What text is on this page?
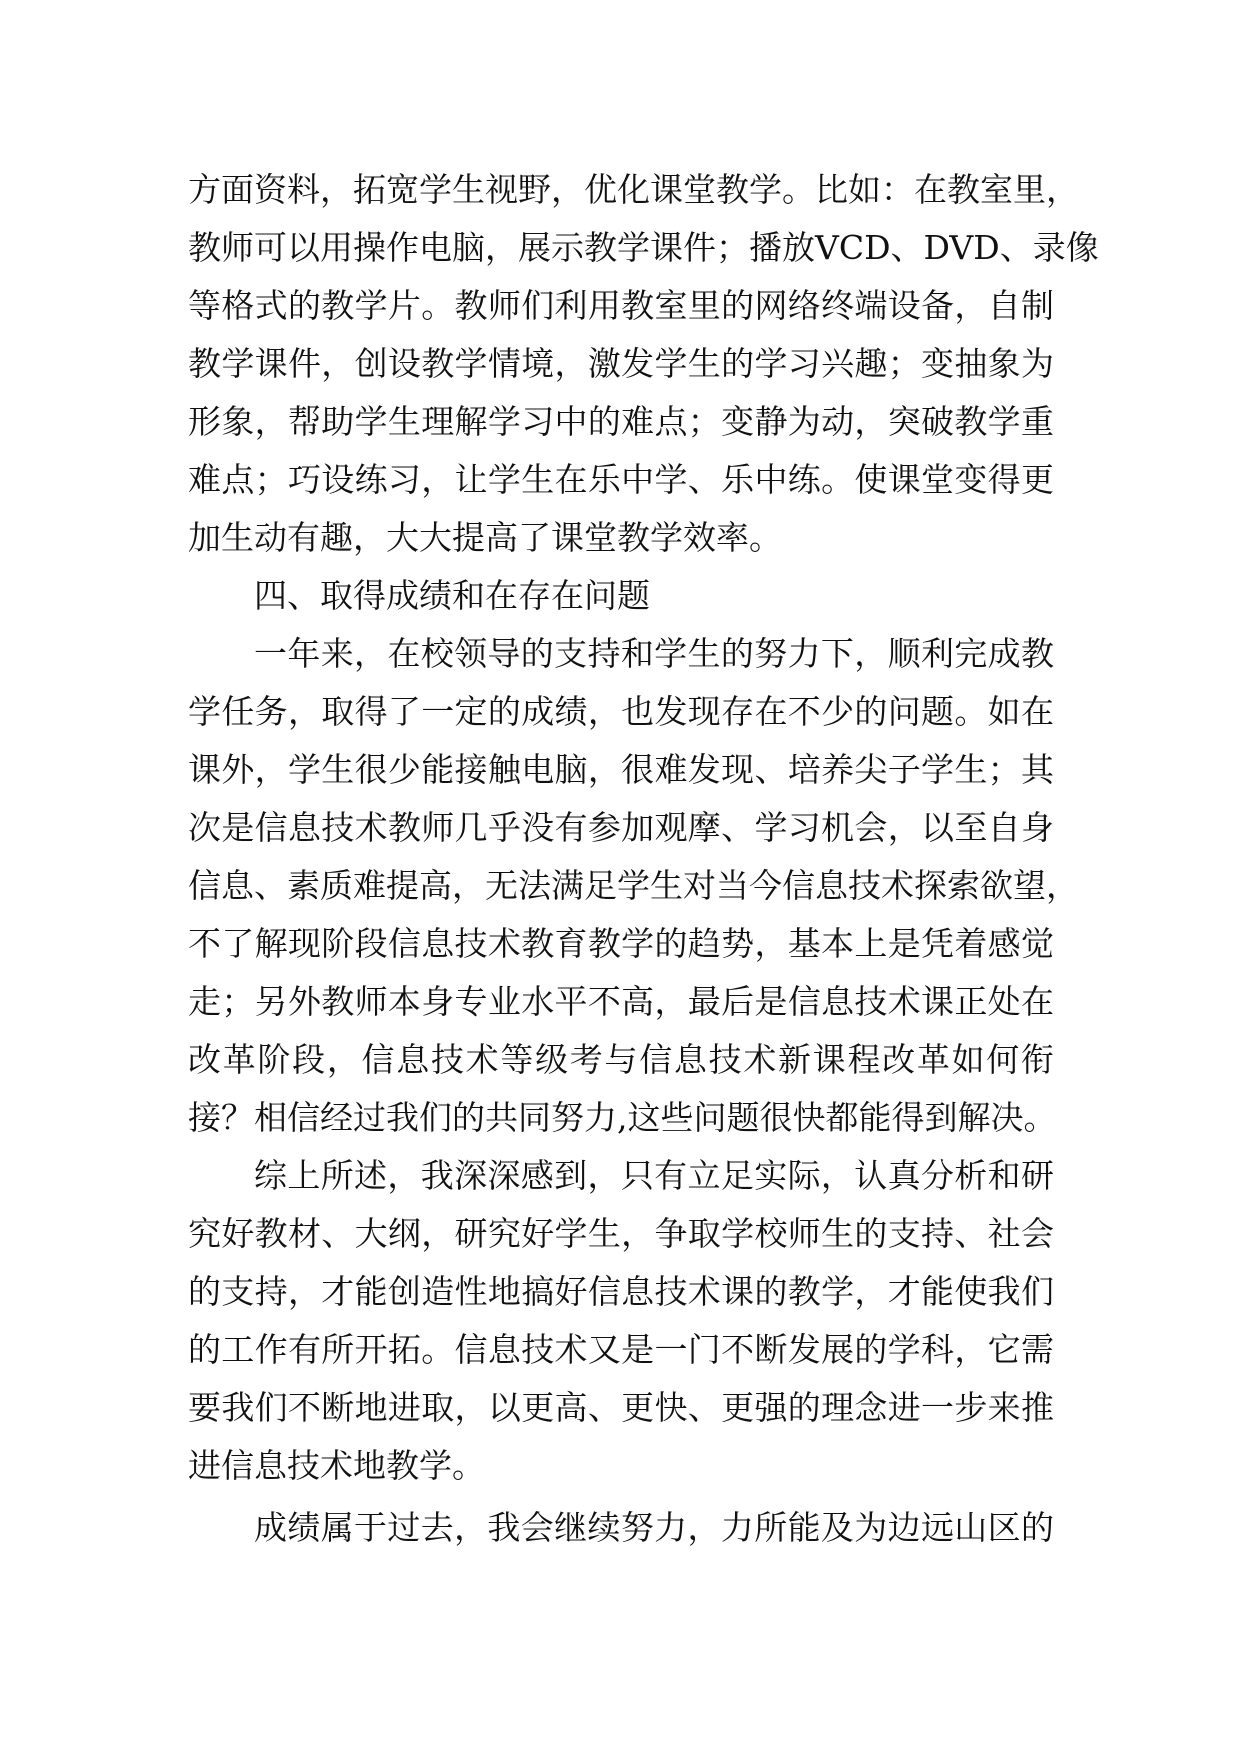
方面资料，拓宽学生视野，优化课堂教学。比如：在教室里，
教师可以用操作电脑，展示教学课件；播放VCD、DVD、录像
等格式的教学片。教师们利用教室里的网络终端设备，自制
教学课件，创设教学情境，激发学生的学习兴趣；变抽象为
形象，帮助学生理解学习中的难点；变静为动，突破教学重
难点；巧设练习，让学生在乐中学、乐中练。使课堂变得更
加生动有趣，大大提高了课堂教学效率。
四、取得成绩和在存在问题
一年来，在校领导的支持和学生的努力下，顺利完成教
学任务，取得了一定的成绩，也发现存在不少的问题。如在
课外，学生很少能接触电脑，很难发现、培养尖子学生；其
次是信息技术教师几乎没有参加观摩、学习机会，以至自身
信息、素质难提高，无法满足学生对当今信息技术探索欲望，
不了解现阶段信息技术教育教学的趋势，基本上是凭着感觉
走；另外教师本身专业水平不高，最后是信息技术课正处在
改革阶段，信息技术等级考与信息技术新课程改革如何衔
接？相信经过我们的共同努力,这些问题很快都能得到解决。
综上所述，我深深感到，只有立足实际，认真分析和研
究好教材、大纲，研究好学生，争取学校师生的支持、社会
的支持，才能创造性地搞好信息技术课的教学，才能使我们
的工作有所开拓。信息技术又是一门不断发展的学科，它需
要我们不断地进取，以更高、更快、更强的理念进一步来推
进信息技术地教学。
成绩属于过去，我会继续努力，力所能及为边远山区的
